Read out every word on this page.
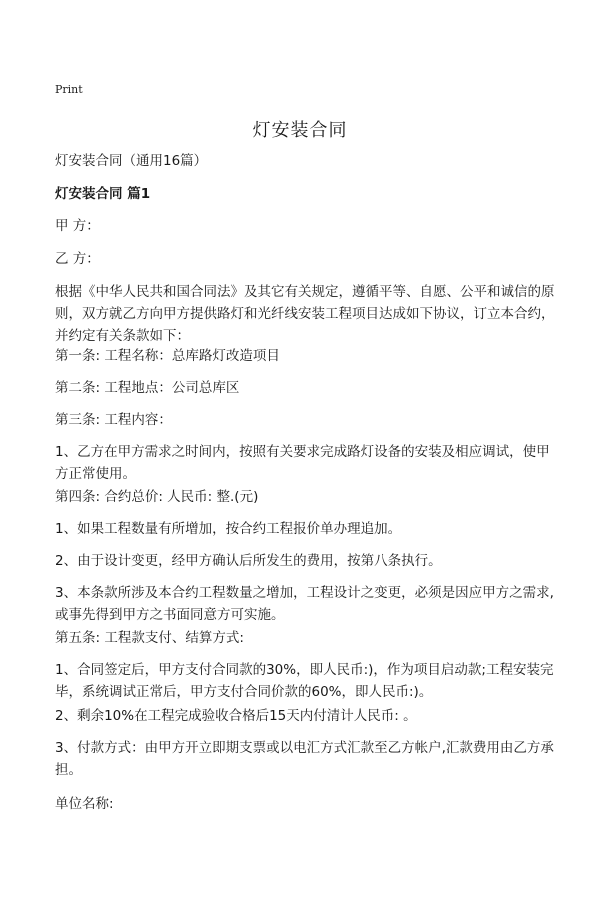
Print
灯安装合同

灯安装合同（通用16篇）

灯安装合同 篇1

甲 方：

乙 方：

根据《中华人民共和国合同法》及其它有关规定，遵循平等、自愿、公平和诚信的原则，双方就乙方向甲方提供路灯和光纤线安装工程项目达成如下协议，订立本合约，并约定有关条款如下：

第一条: 工程名称：总库路灯改造项目

第二条: 工程地点：公司总库区

第三条: 工程内容：

1、乙方在甲方需求之时间内，按照有关要求完成路灯设备的安装及相应调试，使甲方正常使用。

第四条: 合约总价: 人民币: 整.(元)

1、如果工程数量有所增加，按合约工程报价单办理追加。

2、由于设计变更，经甲方确认后所发生的费用，按第八条执行。

3、本条款所涉及本合约工程数量之增加，工程设计之变更，必须是因应甲方之需求,或事先得到甲方之书面同意方可实施。

第五条: 工程款支付、结算方式:

1、合同签定后，甲方支付合同款的30%，即人民币:)，作为项目启动款;工程安装完毕，系统调试正常后，甲方支付合同价款的60%，即人民币:)。

2、剩余10%在工程完成验收合格后15天内付清计人民币: 。

3、付款方式：由甲方开立即期支票或以电汇方式汇款至乙方帐户,汇款费用由乙方承担。

单位名称:
